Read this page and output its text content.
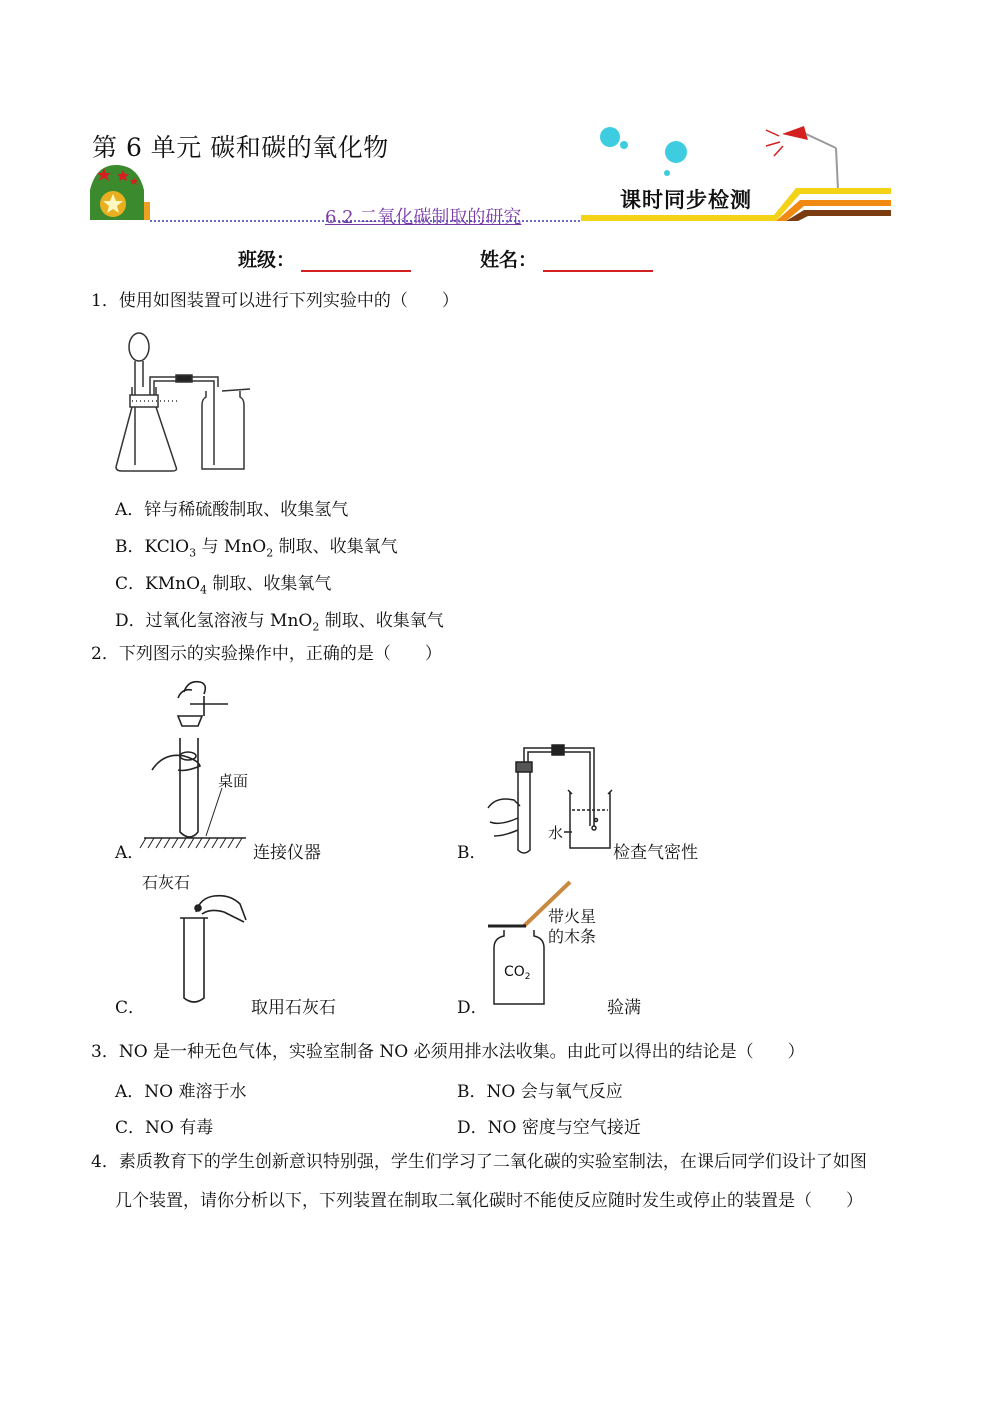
第 6 单元 碳和碳的氧化物
6.2 二氧化碳制取的研究
课时同步检测
班级：	姓名：
1．使用如图装置可以进行下列实验中的（　　）
A．锌与稀硫酸制取、收集氢气
B．KClO$_3$ 与 MnO$_2$ 制取、收集氧气
C．KMnO$_4$ 制取、收集氧气
D．过氧化氢溶液与 MnO$_2$ 制取、收集氧气
2．下列图示的实验操作中，正确的是（　　）
桌面
A．	连接仪器
水
B．	检查气密性
石灰石
C．	取用石灰石
带火星
的木条
$CO_2$
D．	验满
3．NO 是一种无色气体，实验室制备 NO 必须用排水法收集。由此可以得出的结论是（　　）
A．NO 难溶于水	B．NO 会与氧气反应
C．NO 有毒	D．NO 密度与空气接近
4．素质教育下的学生创新意识特别强，学生们学习了二氧化碳的实验室制法，在课后同学们设计了如图
几个装置，请你分析以下，下列装置在制取二氧化碳时不能使反应随时发生或停止的装置是（　　）
